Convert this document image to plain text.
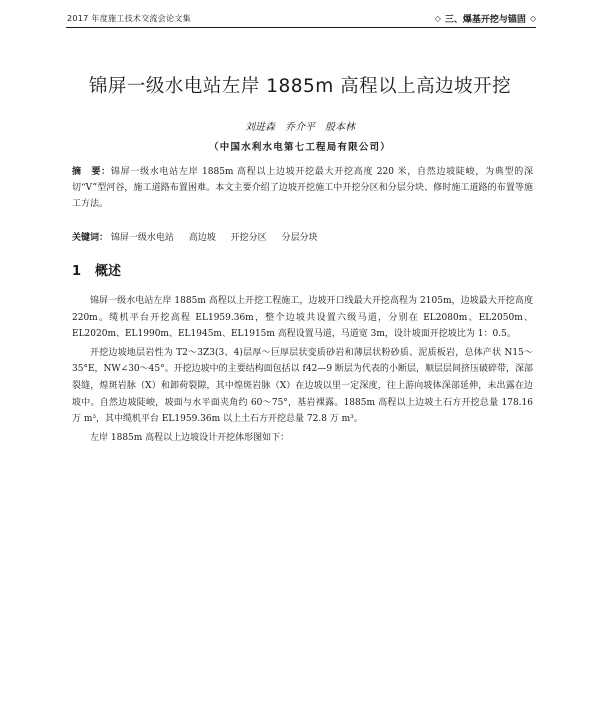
2017 年度施工技术交流会论文集	◇ 三、爆基开挖与锚固 ◇
锦屏一级水电站左岸 1885m 高程以上高边坡开挖
刘进森　乔介平　殷本林
（中国水利水电第七工程局有限公司）
摘　要：锦屏一级水电站左岸 1885m 高程以上边坡开挖最大开挖高度 220 米，自然边坡陡峻，为典型的深切“V”型河谷，施工道路布置困难。本文主要介绍了边坡开挖施工中开挖分区和分层分块、修时施工道路的布置等施工方法。
关键词： 锦屏一级水电站 高边坡 开挖分区 分层分块
1 概述

锦屏一级水电站左岸 1885m 高程以上开挖工程施工，边坡开口线最大开挖高程为 2105m，边坡最大开挖高度 220m。缆机平台开挖高程 EL1959.36m，整个边坡共设置六级马道，分别在 EL2080m、EL2050m、EL2020m、EL1990m、EL1945m、EL1915m 高程设置马道，马道宽 3m，设计坡面开挖坡比为 1：0.5。

开挖边坡地层岩性为 T2～3Z3(3、4)层厚～巨厚层状变质砂岩和薄层状粉砂质、泥质板岩，总体产状 N15～35°E，NW∠30～45°。开挖边坡中的主要结构面包括以 f42—9 断层为代表的小断层，顺层层间挤压破碎带，深部裂缝，煌斑岩脉（X）和卸荷裂隙，其中煌斑岩脉（X）在边坡以里一定深度，往上游向坡体深部延伸，未出露在边坡中。自然边坡陡峻，坡面与水平面夹角约 60～75°，基岩裸露。1885m 高程以上边坡土石方开挖总量 178.16 万 m³，其中缆机平台 EL1959.36m 以上土石方开挖总量 72.8 万 m³。

左岸 1885m 高程以上边坡设计开挖体形图如下：
